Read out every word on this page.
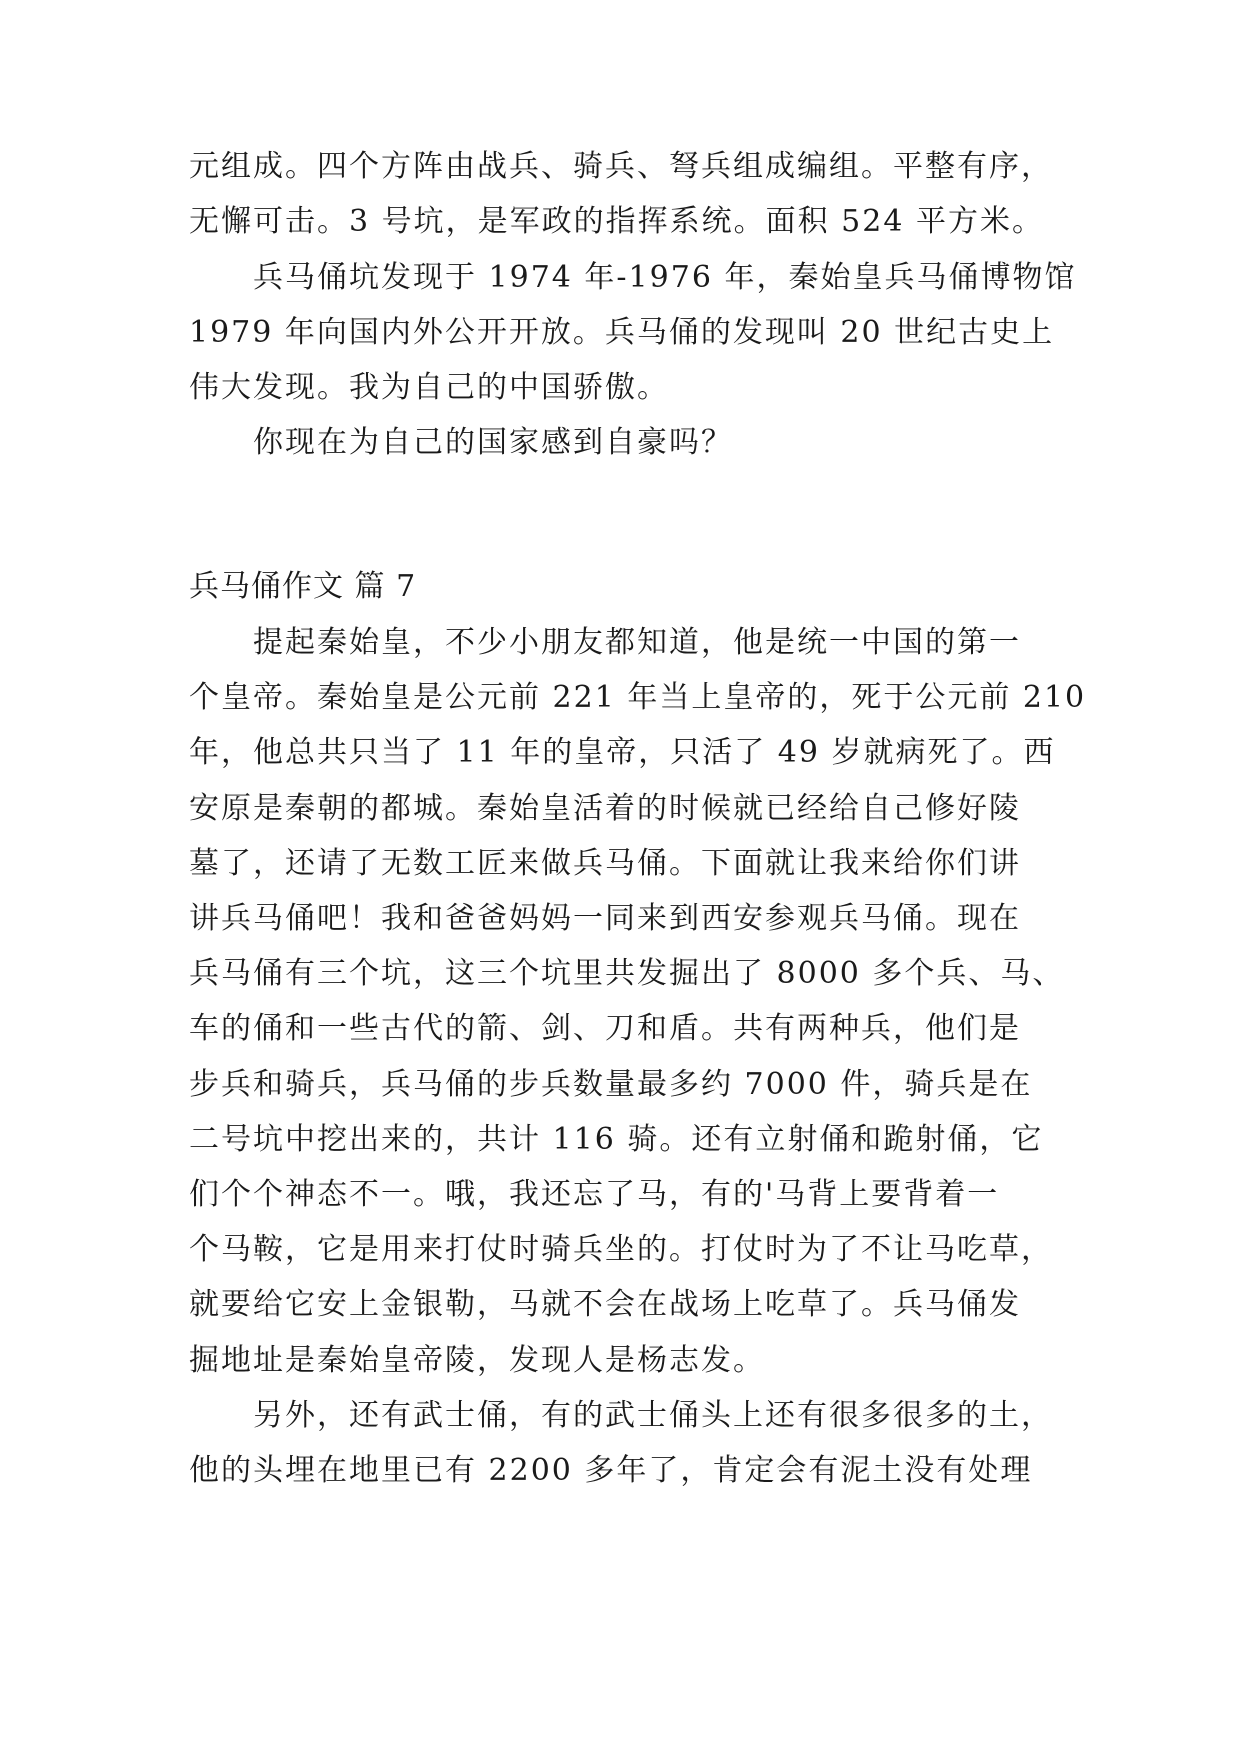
元组成。四个方阵由战兵、骑兵、弩兵组成编组。平整有序，
无懈可击。3 号坑，是军政的指挥系统。面积 524 平方米。
兵马俑坑发现于 1974 年-1976 年，秦始皇兵马俑博物馆
1979 年向国内外公开开放。兵马俑的发现叫 20 世纪古史上
伟大发现。我为自己的中国骄傲。
你现在为自己的国家感到自豪吗？
兵马俑作文 篇 7
提起秦始皇，不少小朋友都知道，他是统一中国的第一
个皇帝。秦始皇是公元前 221 年当上皇帝的，死于公元前 210
年，他总共只当了 11 年的皇帝，只活了 49 岁就病死了。西
安原是秦朝的都城。秦始皇活着的时候就已经给自己修好陵
墓了，还请了无数工匠来做兵马俑。下面就让我来给你们讲
讲兵马俑吧！我和爸爸妈妈一同来到西安参观兵马俑。现在
兵马俑有三个坑，这三个坑里共发掘出了 8000 多个兵、马、
车的俑和一些古代的箭、剑、刀和盾。共有两种兵，他们是
步兵和骑兵，兵马俑的步兵数量最多约 7000 件，骑兵是在
二号坑中挖出来的，共计 116 骑。还有立射俑和跪射俑，它
们个个神态不一。哦，我还忘了马，有的'马背上要背着一
个马鞍，它是用来打仗时骑兵坐的。打仗时为了不让马吃草，
就要给它安上金银勒，马就不会在战场上吃草了。兵马俑发
掘地址是秦始皇帝陵，发现人是杨志发。
另外，还有武士俑，有的武士俑头上还有很多很多的土，
他的头埋在地里已有 2200 多年了，肯定会有泥土没有处理
